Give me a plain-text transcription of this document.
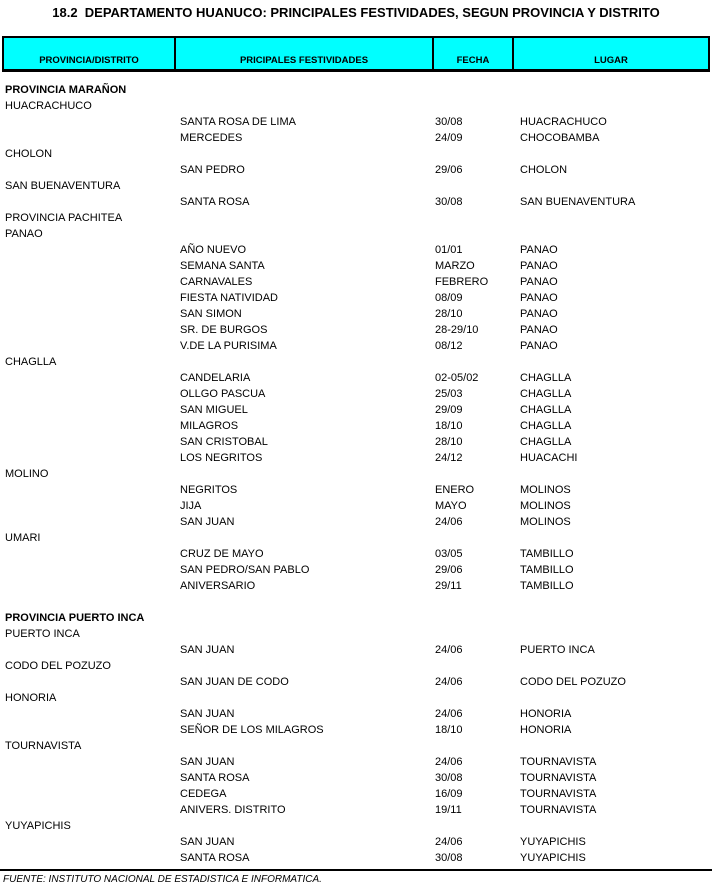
18.2  DEPARTAMENTO HUANUCO: PRINCIPALES FESTIVIDADES, SEGUN PROVINCIA Y DISTRITO
PROVINCIA/DISTRITO	PRICIPALES FESTIVIDADES	FECHA	LUGAR
PROVINCIA MARAÑON
HUACRACHUCO
SANTA ROSA DE LIMA	30/08	HUACRACHUCO
MERCEDES	24/09	CHOCOBAMBA
CHOLON
SAN PEDRO	29/06	CHOLON
SAN BUENAVENTURA
SANTA ROSA	30/08	SAN BUENAVENTURA
PROVINCIA PACHITEA
PANAO
AÑO NUEVO	01/01	PANAO
SEMANA SANTA	MARZO	PANAO
CARNAVALES	FEBRERO	PANAO
FIESTA NATIVIDAD	08/09	PANAO
SAN SIMON	28/10	PANAO
SR. DE BURGOS	28-29/10	PANAO
V.DE LA PURISIMA	08/12	PANAO
CHAGLLA
CANDELARIA	02-05/02	CHAGLLA
OLLGO PASCUA	25/03	CHAGLLA
SAN MIGUEL	29/09	CHAGLLA
MILAGROS	18/10	CHAGLLA
SAN CRISTOBAL	28/10	CHAGLLA
LOS NEGRITOS	24/12	HUACACHI
MOLINO
NEGRITOS	ENERO	MOLINOS
JIJA	MAYO	MOLINOS
SAN JUAN	24/06	MOLINOS
UMARI
CRUZ DE MAYO	03/05	TAMBILLO
SAN PEDRO/SAN PABLO	29/06	TAMBILLO
ANIVERSARIO	29/11	TAMBILLO
PROVINCIA PUERTO INCA
PUERTO INCA
SAN JUAN	24/06	PUERTO INCA
CODO DEL POZUZO
SAN JUAN DE CODO	24/06	CODO DEL POZUZO
HONORIA
SAN JUAN	24/06	HONORIA
SEÑOR DE LOS MILAGROS	18/10	HONORIA
TOURNAVISTA
SAN JUAN	24/06	TOURNAVISTA
SANTA ROSA	30/08	TOURNAVISTA
CEDEGA	16/09	TOURNAVISTA
ANIVERS. DISTRITO	19/11	TOURNAVISTA
YUYAPICHIS
SAN JUAN	24/06	YUYAPICHIS
SANTA ROSA	30/08	YUYAPICHIS
FUENTE: INSTITUTO NACIONAL DE ESTADISTICA E INFORMATICA.
